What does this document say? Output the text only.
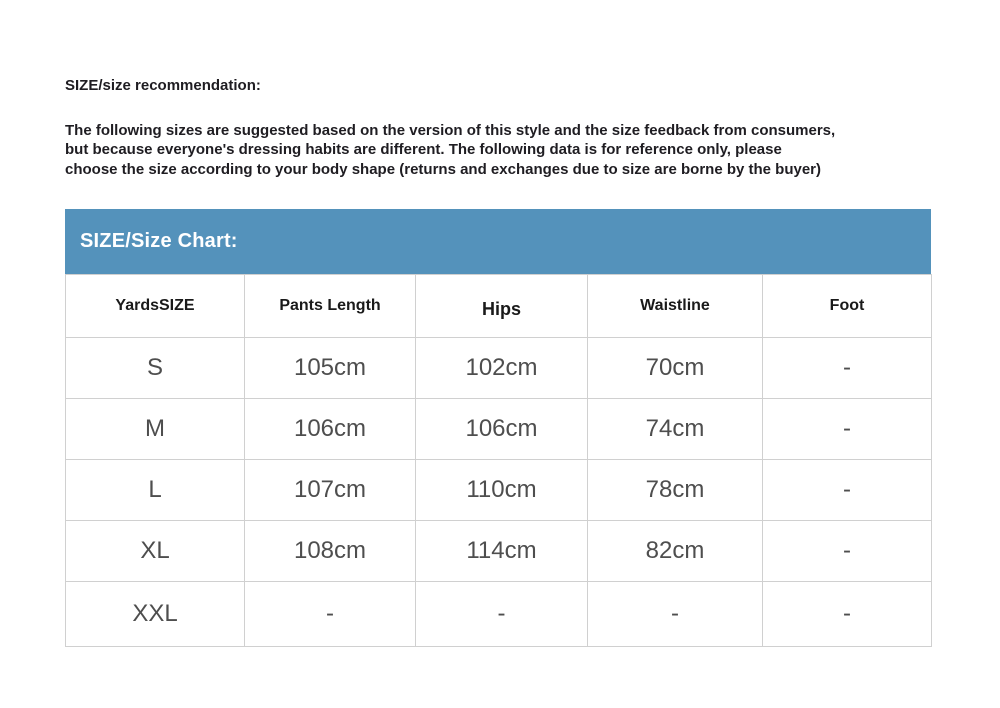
SIZE/size recommendation:
The following sizes are suggested based on the version of this style and the size feedback from consumers,
but because everyone's dressing habits are different. The following data is for reference only, please
choose the size according to your body shape (returns and exchanges due to size are borne by the buyer)
SIZE/Size Chart:
YardsSIZE	Pants Length	Hips	Waistline	Foot
S	105cm	102cm	70cm	-
M	106cm	106cm	74cm	-
L	107cm	110cm	78cm	-
XL	108cm	114cm	82cm	-
XXL	-	-	-	-
